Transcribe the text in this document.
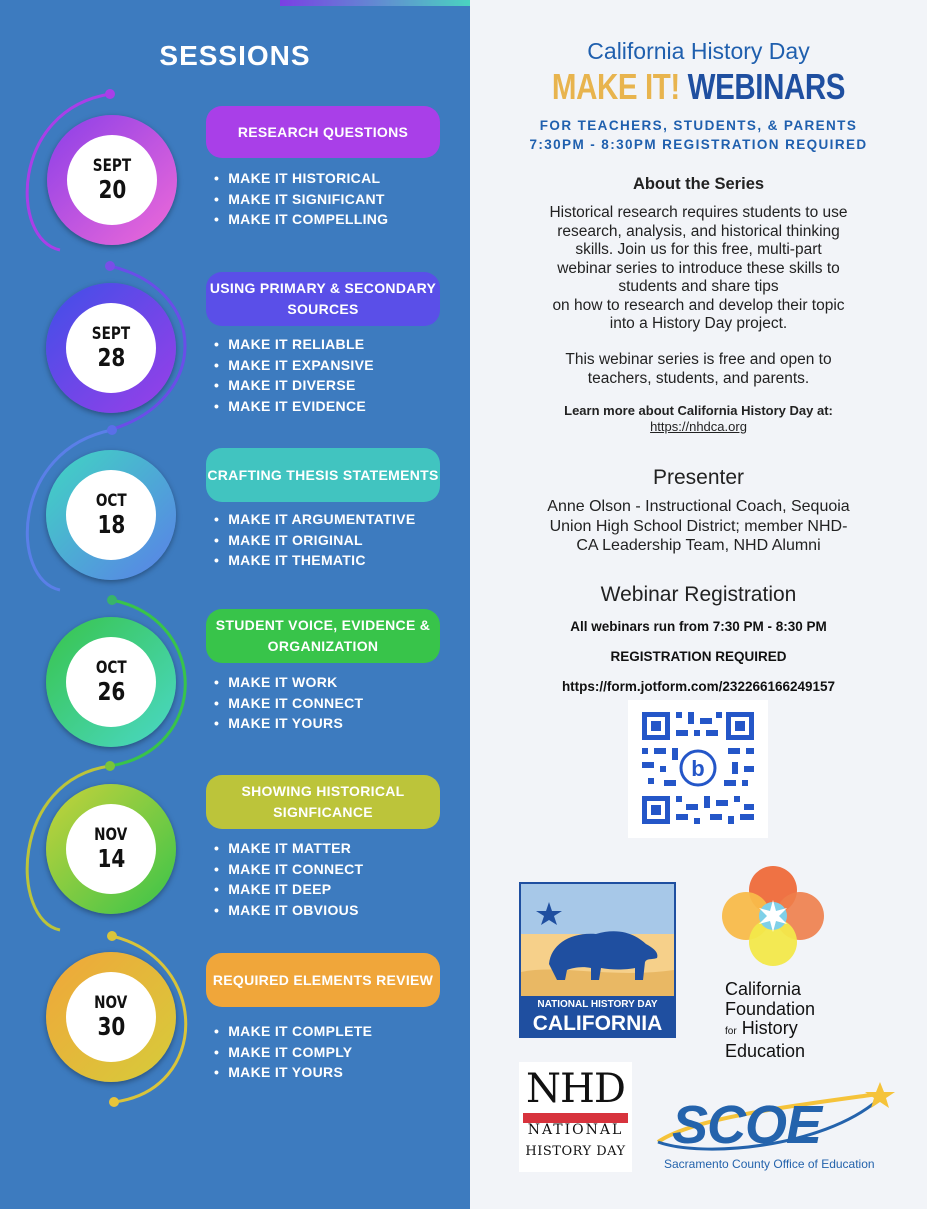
SESSIONS
SEPT
20
RESEARCH QUESTIONS
• MAKE IT HISTORICAL
• MAKE IT SIGNIFICANT
• MAKE IT COMPELLING
SEPT
28
USING PRIMARY & SECONDARY SOURCES
• MAKE IT RELIABLE
• MAKE IT EXPANSIVE
• MAKE IT DIVERSE
• MAKE IT EVIDENCE
OCT
18
CRAFTING THESIS STATEMENTS
• MAKE IT ARGUMENTATIVE
• MAKE IT ORIGINAL
• MAKE IT THEMATIC
OCT
26
STUDENT VOICE, EVIDENCE & ORGANIZATION
• MAKE IT WORK
• MAKE IT CONNECT
• MAKE IT YOURS
NOV
14
SHOWING HISTORICAL SIGNFICANCE
• MAKE IT MATTER
• MAKE IT CONNECT
• MAKE IT DEEP
• MAKE IT OBVIOUS
NOV
30
REQUIRED ELEMENTS REVIEW
• MAKE IT COMPLETE
• MAKE IT COMPLY
• MAKE IT YOURS
California History Day
MAKE IT! WEBINARS
FOR TEACHERS, STUDENTS, & PARENTS
7:30PM - 8:30PM REGISTRATION REQUIRED
About the Series
Historical research requires students to use
research, analysis, and historical thinking
skills. Join us for this free, multi-part
webinar series to introduce these skills to
students and share tips
on how to research and develop their topic
into a History Day project.
This webinar series is free and open to
teachers, students, and parents.
Learn more about California History Day at:
https://nhdca.org
Presenter
Anne Olson - Instructional Coach, Sequoia
Union High School District; member NHD-
CA Leadership Team, NHD Alumni
Webinar Registration
All webinars run from 7:30 PM - 8:30 PM
REGISTRATION REQUIRED
https://form.jotform.com/232266166249157
b
NATIONAL HISTORY DAY
CALIFORNIA
California
Foundation
for History
Education
NHD
NATIONAL
HISTORY DAY SCOE
Sacramento County Office of Education
